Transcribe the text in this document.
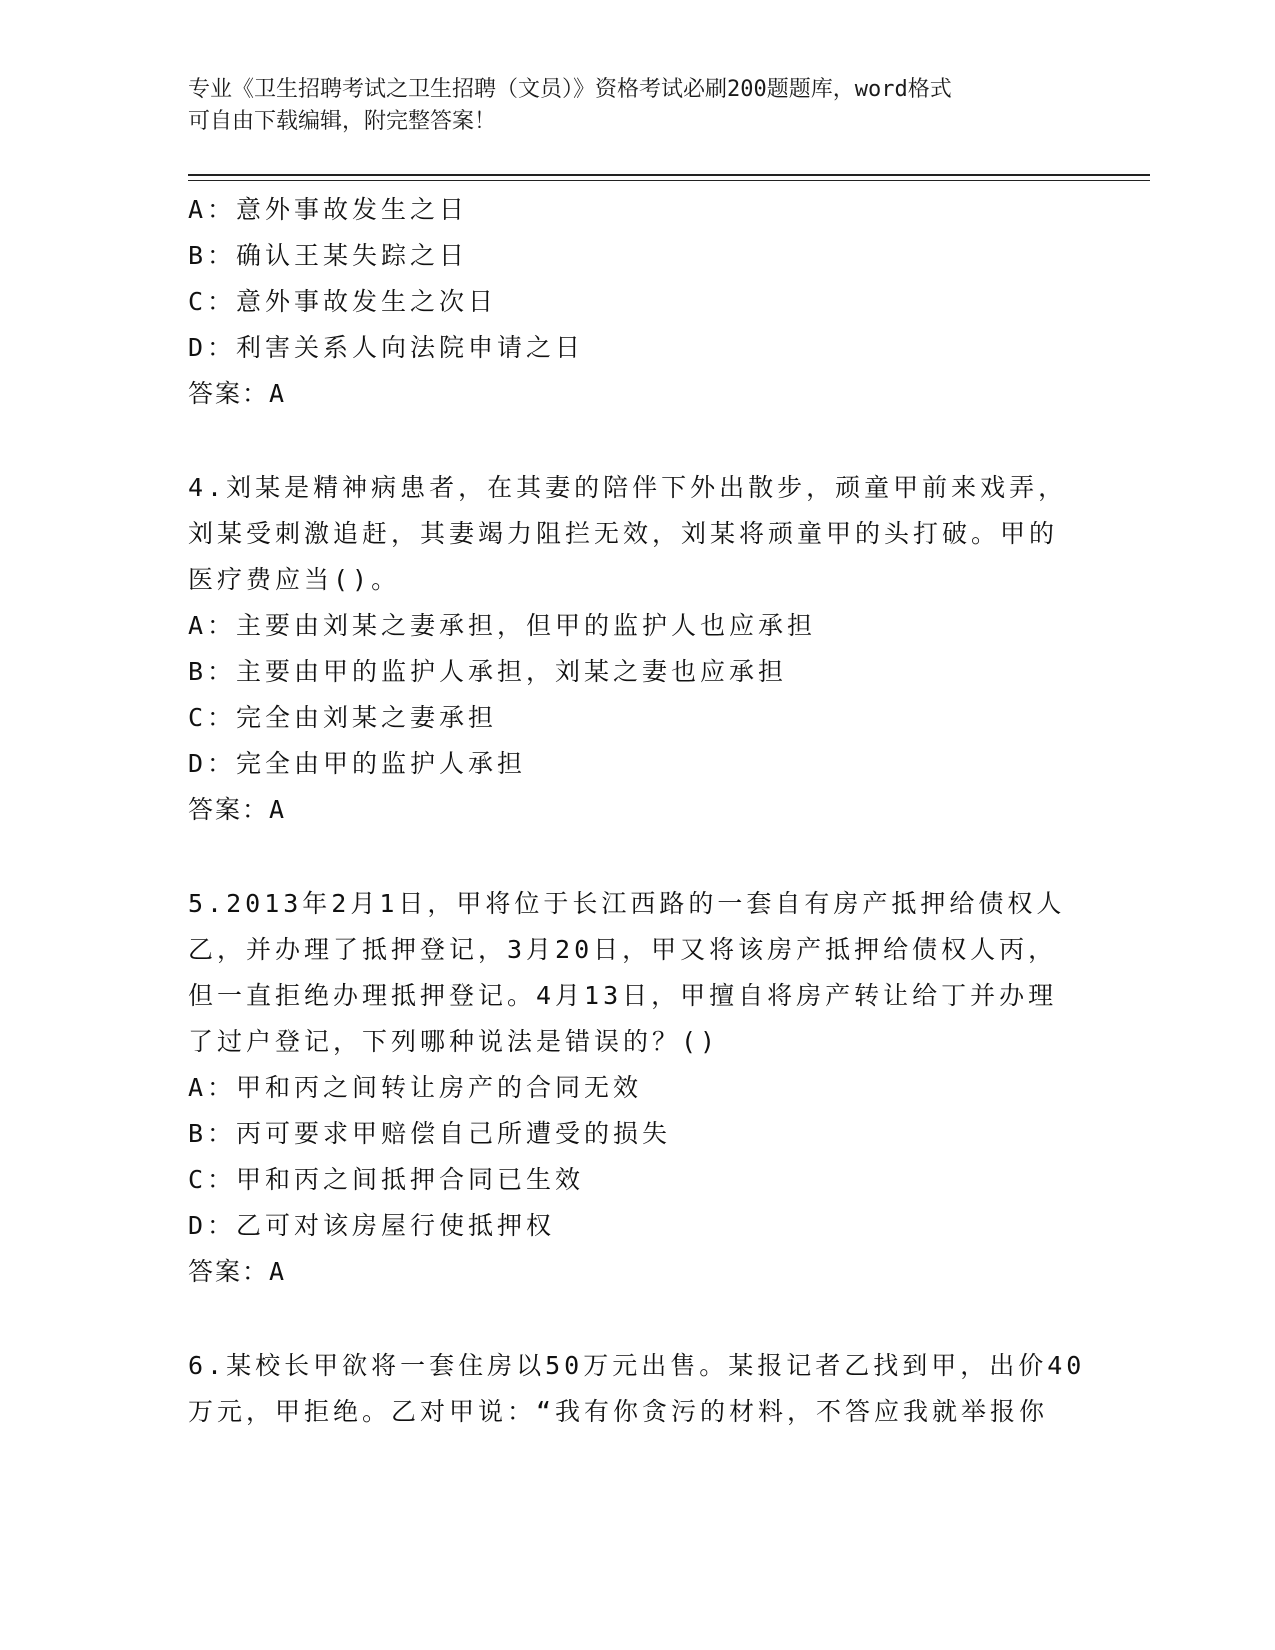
专业《卫生招聘考试之卫生招聘（文员）》资格考试必刷200题题库，word格式
可自由下载编辑，附完整答案！
A：意外事故发生之日
B：确认王某失踪之日
C：意外事故发生之次日
D：利害关系人向法院申请之日
答案：A
4.刘某是精神病患者，在其妻的陪伴下外出散步，顽童甲前来戏弄，
刘某受刺激追赶，其妻竭力阻拦无效，刘某将顽童甲的头打破。甲的
医疗费应当()。
A：主要由刘某之妻承担，但甲的监护人也应承担
B：主要由甲的监护人承担，刘某之妻也应承担
C：完全由刘某之妻承担
D：完全由甲的监护人承担
答案：A
5.2013年2月1日，甲将位于长江西路的一套自有房产抵押给债权人
乙，并办理了抵押登记，3月20日，甲又将该房产抵押给债权人丙，
但一直拒绝办理抵押登记。4月13日，甲擅自将房产转让给丁并办理
了过户登记，下列哪种说法是错误的？()
A：甲和丙之间转让房产的合同无效
B：丙可要求甲赔偿自己所遭受的损失
C：甲和丙之间抵押合同已生效
D：乙可对该房屋行使抵押权
答案：A
6.某校长甲欲将一套住房以50万元出售。某报记者乙找到甲，出价40
万元，甲拒绝。乙对甲说：“我有你贪污的材料，不答应我就举报你
